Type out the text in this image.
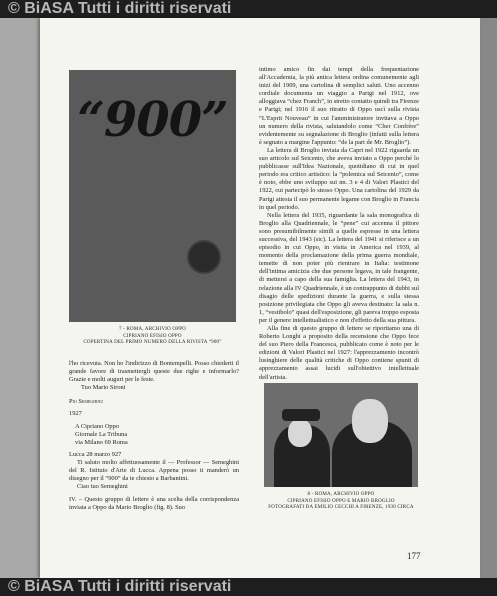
© BiASA Tutti i diritti riservati
“900”
7 - ROMA, ARCHIVIO OPPO
CIPRIANO EFISIO OPPO
COPERTINA DEL PRIMO NUMERO DELLA RIVISTA “900”

intimo amico fin dai tempi della frequentazione all'Accademia, la più antica lettera ordina comunemente agli inizi del 1909, una cartolina di semplici saluti. Uno accenno cordiale documenta un viaggio a Parigi nel 1912, ove alloggiava “chez Franch”, in stretto contatto quindi tra Firenze e Parigi; nel 1916 il suo ritratto di Oppo uscì sulla rivista “L'Esprit Nouveau” in cui l'amministratore invitava a Oppo un numero della rivista, salutandolo come “Cher Confrère” evidentemente su segnalazione di Broglio (infatti sulla lettera è segnato a margine l'appunto: “de la part de Mr. Broglio”).

La lettera di Broglio inviata da Capri nel 1922 riguarda un suo articolo sul Seicento, che aveva inviato a Oppo perché lo pubblicasse sull'Idea Nazionale, quotidiano di cui in quel periodo era critico artistico: la “polemica sul Seicento”, come è noto, ebbe uno sviluppo sui nn. 3 e 4 di Valori Plastici del 1922, cui partecipò lo stesso Oppo. Una cartolina del 1929 da Parigi attesta il suo permanente legame con Broglio in Francia in quel periodo.

Nella lettera del 1935, riguardante la sala monografica di Broglio alla Quadriennale, le “pene” cui accenna il pittore sono presumibilmente simili a quelle espresse in una lettera successiva, del 1943 (sic). La lettera del 1941 si riferisce a un episodio in cui Oppo, in visita in America nel 1939, al momento della proclamazione della prima guerra mondiale, temette di non poter più rientrare in Italia: testimone dell'intima amicizia che due persone legava, in tale frangente, di mettersi a capo della sua famiglia. La lettera del 1943, in relazione alla IV Quadriennale, è un contrappunto di dubbi sul disagio delle spedizioni durante la guerra, e sulla stessa posizione privilegiata che Oppo gli aveva destinato: la sala n. 1, “vestibolo” quasi dell'esposizione, gli pareva troppo esposta per il genere intellettualistico e non d'effetto della sua pittura.

Alla fine di questo gruppo di lettere se riportiamo una di Roberto Longhi a proposito della recensione che Oppo fece del suo Piero della Francesca, pubblicato come è noto per le edizioni di Valori Plastici nel 1927: l'apprezzamento incontrò lusinghiere delle qualità critiche di Oppo contiene spunti di apprezzamento assai lucidi sull'obiettivo intellettuale dell'artista.

l'ho ricevuta. Non ho l'indirizzo di Bontempelli. Posso chiederti il grande favore di trasmettergli queste due righe e informarlo? Grazie e molti auguri per le feste.

Tuo Mario Sironi

Pio Semeghini:

1927

A Cipriano Oppo

Giornale La Tribuna

via Milano 69 Roma

Lucca 28 marzo 927

Ti saluto molto affettuosamente il — Professor — Semeghini del R. Istituto d'Arte di Lucca. Appena posso ti manderò un disegno per il “900” da te chiesto a Barbantini.

Ciao tuo Semeghini

IV. – Questo gruppo di lettere è una scelta della corrispondenza inviata a Oppo da Mario Broglio (fig. 8). Suo

8 - ROMA, ARCHIVIO OPPO
CIPRIANO EFISIO OPPO E MARIO BROGLIO
FOTOGRAFATI DA EMILIO CECCHI A FIRENZE, 1930 CIRCA
177
© BiASA Tutti i diritti riservati
